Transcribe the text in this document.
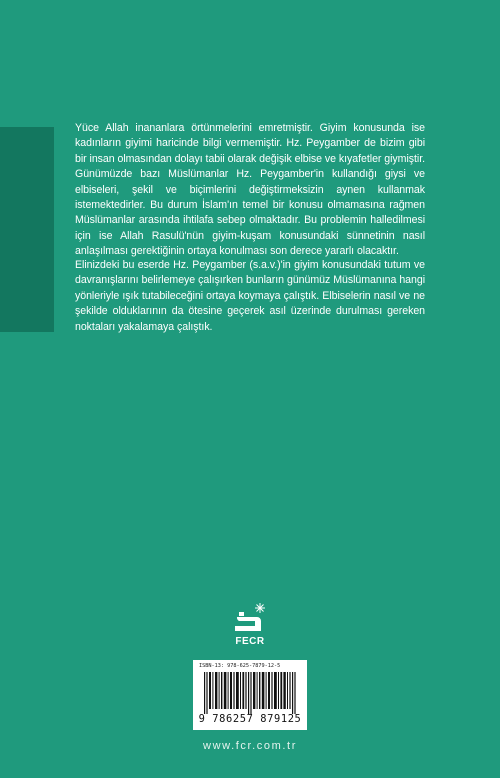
Yüce Allah inananlara örtünmelerini emretmiştir. Giyim konusunda ise kadınların giyimi haricinde bilgi vermemiştir. Hz. Peygamber de bizim gibi bir insan olmasından dolayı tabii olarak değişik elbise ve kıyafetler giymiştir. Günümüzde bazı Müslümanlar Hz. Peygamber'in kullandığı giysi ve elbiseleri, şekil ve biçimlerini değiştirmeksizin aynen kullanmak istemektedirler. Bu durum İslam'ın temel bir konusu olmamasına rağmen Müslümanlar arasında ihtilafa sebep olmaktadır. Bu problemin halledilmesi için ise Allah Rasulü'nün giyim-kuşam konusundaki sünnetinin nasıl anlaşılması gerektiğinin ortaya konulması son derece yararlı olacaktır.

Elinizdeki bu eserde Hz. Peygamber (s.a.v.)'in giyim konusundaki tutum ve davranışlarını belirlemeye çalışırken bunların günümüz Müslümanına hangi yönleriyle ışık tutabileceğini ortaya koymaya çalıştık. Elbiselerin nasıl ve ne şekilde olduklarının da ötesine geçerek asıl üzerinde durulması gereken noktaları yakalamaya çalıştık.

FECR
ISBN-13: 978-625-7879-12-5
9 786257 879125
www.fcr.com.tr
